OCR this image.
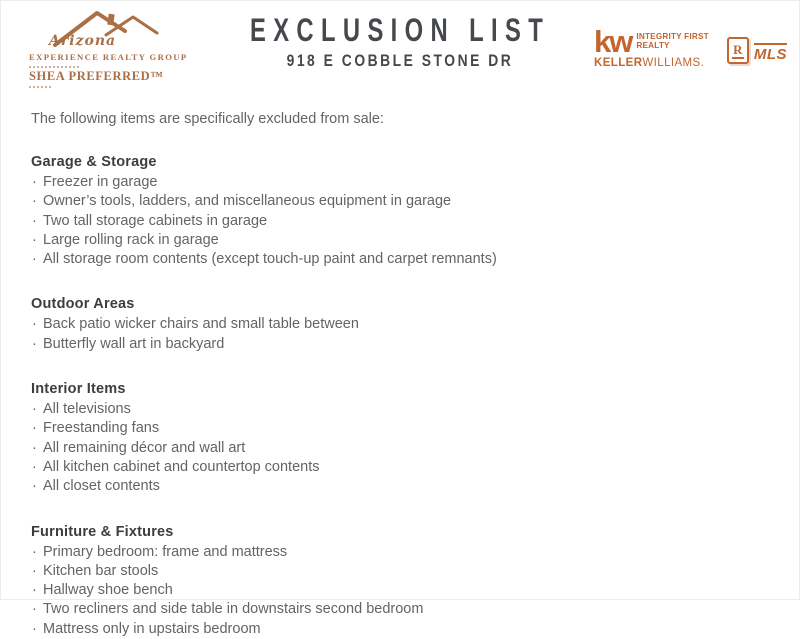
Arizona
EXPERIENCE REALTY GROUP
SHEA PREFERRED™
EXCLUSION LIST
918 E COBBLE STONE DR
kw INTEGRITY FIRST
REALTY
KELLERWILLIAMS.
R MLS

The following items are specifically excluded from sale:

Garage & Storage
· Freezer in garage
· Owner’s tools, ladders, and miscellaneous equipment in garage
· Two tall storage cabinets in garage
· Large rolling rack in garage
· All storage room contents (except touch-up paint and carpet remnants)
Outdoor Areas
· Back patio wicker chairs and small table between
· Butterfly wall art in backyard
Interior Items
· All televisions
· Freestanding fans
· All remaining décor and wall art
· All kitchen cabinet and countertop contents
· All closet contents
Furniture & Fixtures
· Primary bedroom: frame and mattress
· Kitchen bar stools
· Hallway shoe bench
· Two recliners and side table in downstairs second bedroom
· Mattress only in upstairs bedroom
